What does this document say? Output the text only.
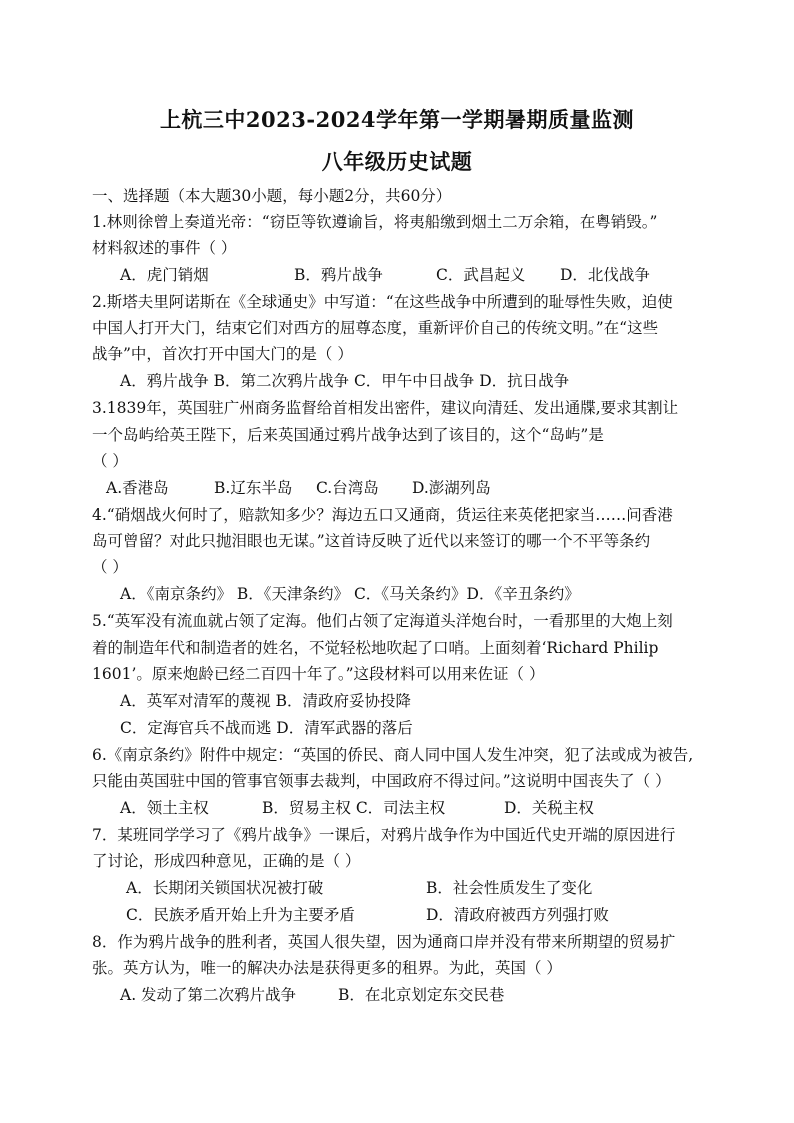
上杭三中2023-2024学年第一学期暑期质量监测
八年级历史试题
一、选择题（本大题30小题，每小题2分，共60分）
1.林则徐曾上奏道光帝：“窃臣等钦遵谕旨，将夷船缴到烟土二万余箱，在粤销毁。”
材料叙述的事件（ ）
A．虎门销烟	B．鸦片战争	C．武昌起义 D．北伐战争
2.斯塔夫里阿诺斯在《全球通史》中写道：“在这些战争中所遭到的耻辱性失败，迫使
中国人打开大门，结束它们对西方的屈尊态度，重新评价自己的传统文明。”在“这些
战争”中，首次打开中国大门的是（ ）
A．鸦片战争 B．第二次鸦片战争 C．甲午中日战争 D．抗日战争
3.1839年，英国驻广州商务监督给首相发出密件，建议向清廷、发出通牒,要求其割让
一个岛屿给英王陛下，后来英国通过鸦片战争达到了该目的，这个“岛屿”是
（ ）
A.香港岛	B.辽东半岛 C.台湾岛 D.澎湖列岛
4.“硝烟战火何时了，赔款知多少？海边五口又通商，货运往来英佬把家当……问香港
岛可曾留？对此只抛泪眼也无谋。”这首诗反映了近代以来签订的哪一个不平等条约
（ ）
A．《南京条约》 B．《天津条约》 C．《马关条约》D．《辛丑条约》
5.“英军没有流血就占领了定海。他们占领了定海道头洋炮台时，一看那里的大炮上刻
着的制造年代和制造者的姓名，不觉轻松地吹起了口哨。上面刻着‘Richard Philip
1601’。原来炮龄已经二百四十年了。”这段材料可以用来佐证（ ）
A．英军对清军的蔑视 B．清政府妥协投降
C．定海官兵不战而逃 D．清军武器的落后
6.《南京条约》附件中规定：“英国的侨民、商人同中国人发生冲突，犯了法或成为被告,
只能由英国驻中国的管事官领事去裁判，中国政府不得过问。”这说明中国丧失了（ ）
A．领土主权	B．贸易主权 C．司法主权	D．关税主权
7．某班同学学习了《鸦片战争》一课后，对鸦片战争作为中国近代史开端的原因进行
了讨论，形成四种意见，正确的是（ ）
A．长期闭关锁国状况被打破	B．社会性质发生了变化
C．民族矛盾开始上升为主要矛盾	D．清政府被西方列强打败
8．作为鸦片战争的胜利者，英国人很失望，因为通商口岸并没有带来所期望的贸易扩
张。英方认为，唯一的解决办法是获得更多的租界。为此，英国（ ）
A. 发动了第二次鸦片战争	B．在北京划定东交民巷
